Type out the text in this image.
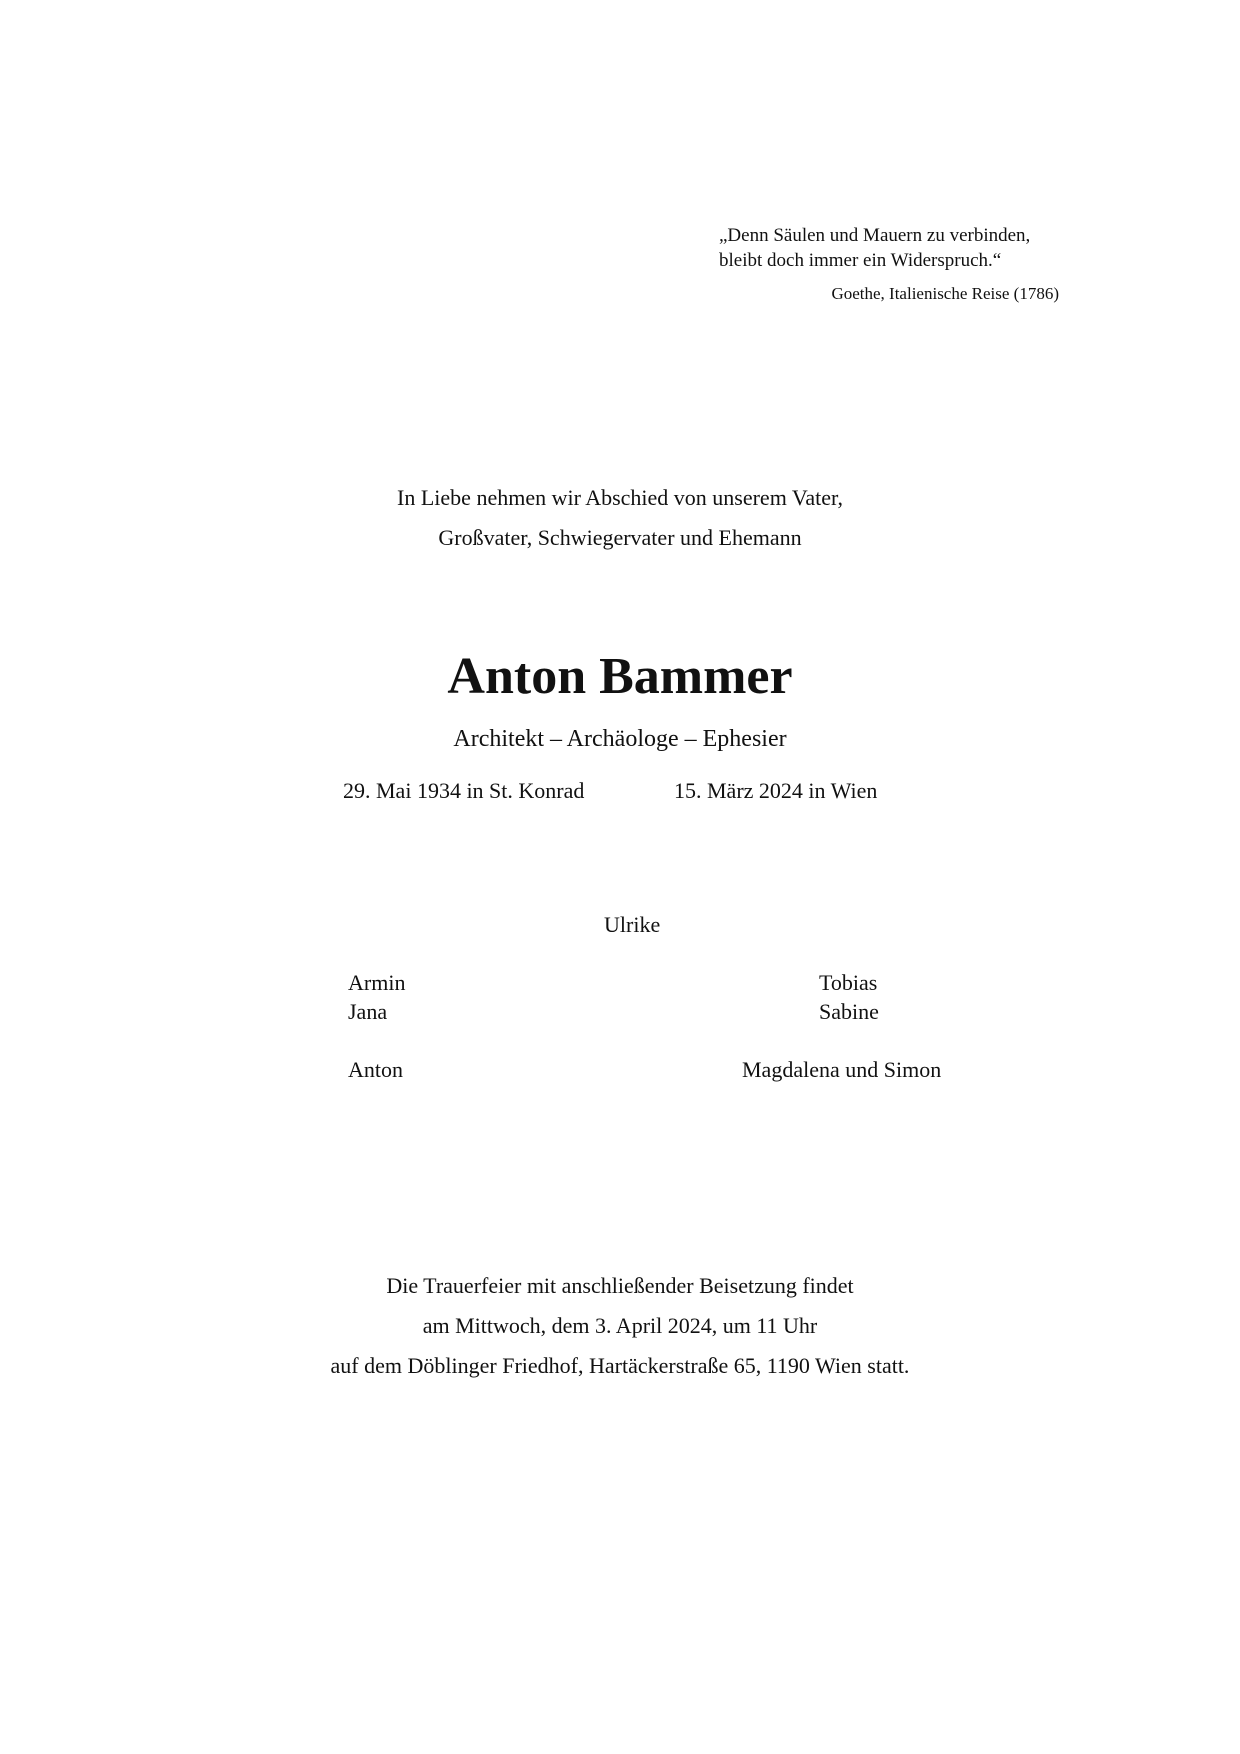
„Denn Säulen und Mauern zu verbinden,
bleibt doch immer ein Widerspruch.“
Goethe, Italienische Reise (1786)
In Liebe nehmen wir Abschied von unserem Vater,
Großvater, Schwiegervater und Ehemann
Anton Bammer
Architekt – Archäologe – Ephesier
29. Mai 1934 in St. Konrad	15. März 2024 in Wien
Ulrike
Armin
Jana
Anton
Tobias
Sabine
Magdalena und Simon
Die Trauerfeier mit anschließender Beisetzung findet
am Mittwoch, dem 3. April 2024, um 11 Uhr
auf dem Döblinger Friedhof, Hartäckerstraße 65, 1190 Wien statt.
